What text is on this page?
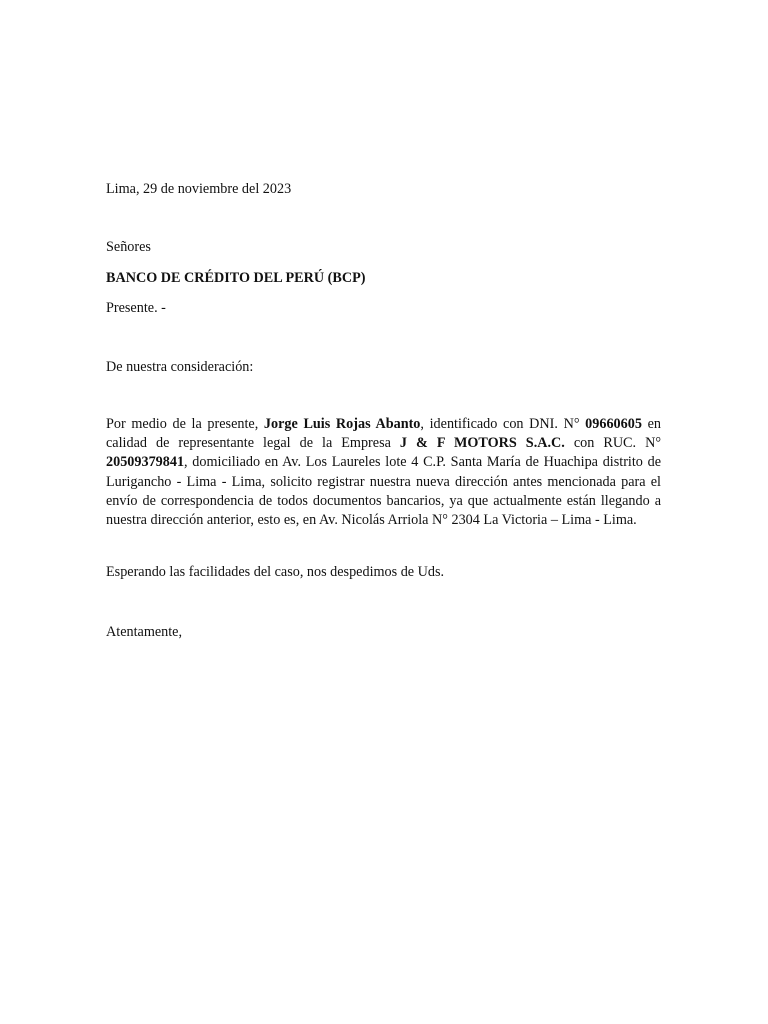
Lima, 29 de noviembre del 2023

Señores

BANCO DE CRÉDITO DEL PERÚ (BCP)

Presente. -

De nuestra consideración:

Por medio de la presente, Jorge Luis Rojas Abanto, identificado con DNI. N° 09660605 en calidad de representante legal de la Empresa J & F MOTORS S.A.C. con RUC. N° 20509379841, domiciliado en Av. Los Laureles lote 4 C.P. Santa María de Huachipa distrito de Lurigancho - Lima - Lima, solicito registrar nuestra nueva dirección antes mencionada para el envío de correspondencia de todos documentos bancarios, ya que actualmente están llegando a nuestra dirección anterior, esto es, en Av. Nicolás Arriola N° 2304 La Victoria – Lima - Lima.

Esperando las facilidades del caso, nos despedimos de Uds.

Atentamente,
